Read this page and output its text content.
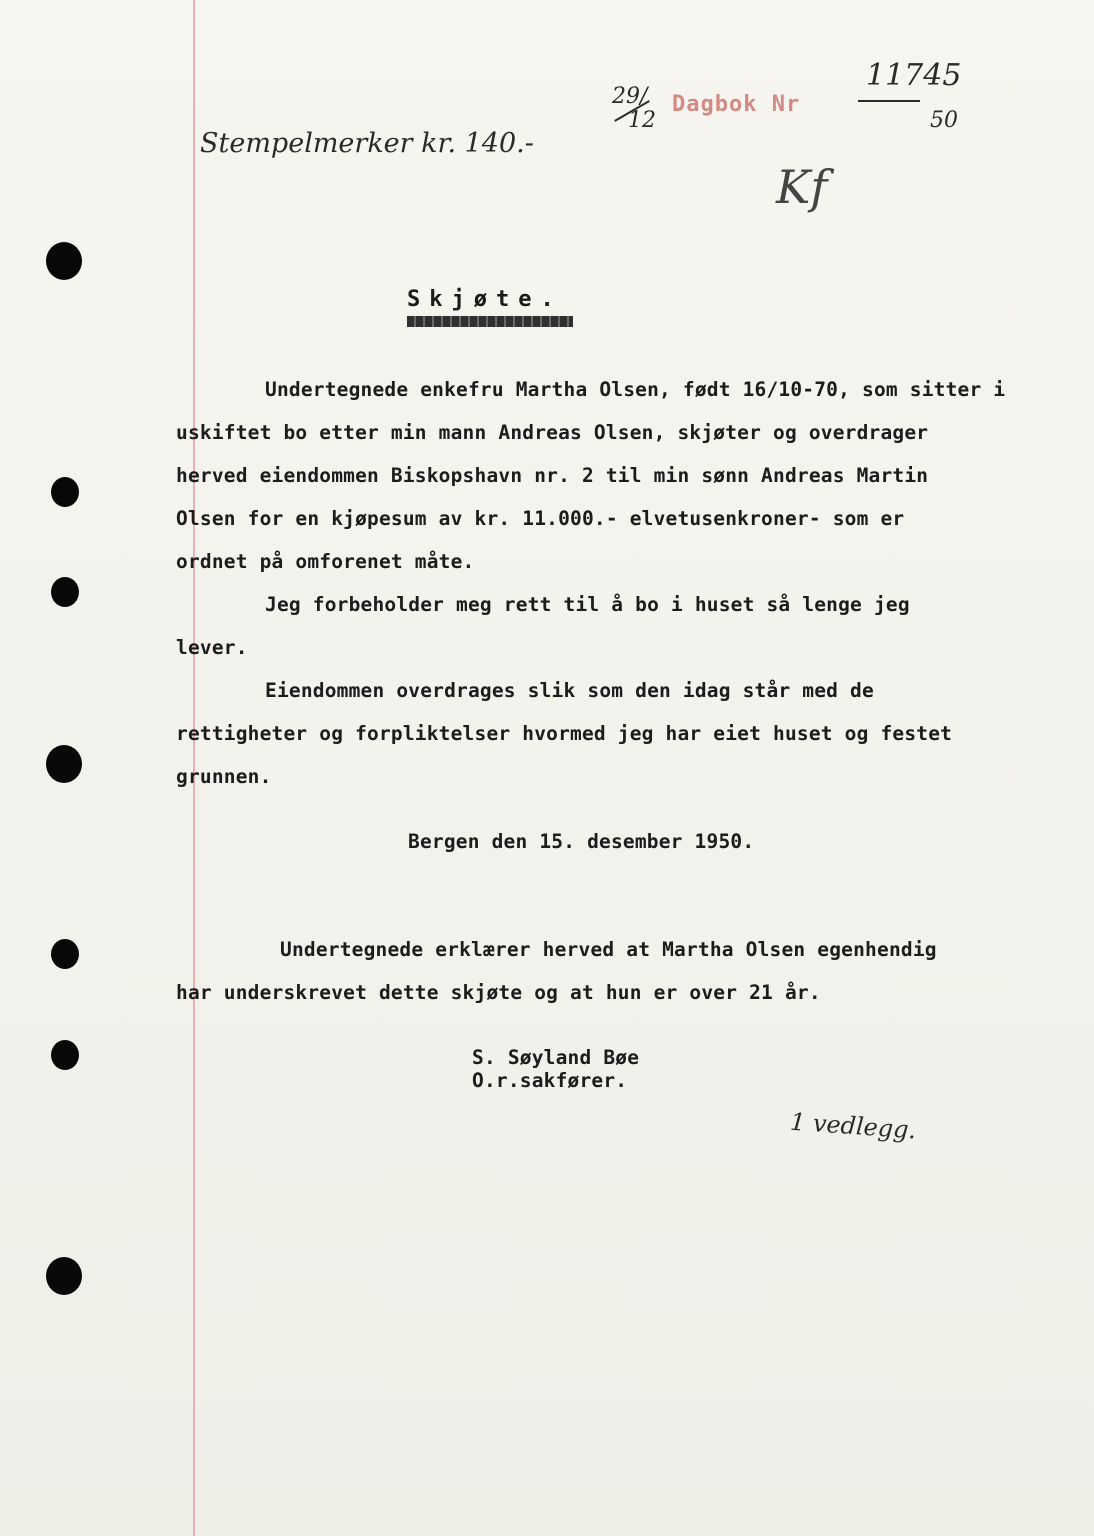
Stempelmerker kr. 140.-
29/
12
Dagbok Nr
11745
50
Kf
Skjøte.
Undertegnede enkefru Martha Olsen, født 16/10-70, som sitter i
uskiftet bo etter min mann Andreas Olsen, skjøter og overdrager
herved eiendommen Biskopshavn nr. 2 til min sønn Andreas Martin
Olsen for en kjøpesum av kr. 11.000.- elvetusenkroner- som er
ordnet på omforenet måte.
Jeg forbeholder meg rett til å bo i huset så lenge jeg
lever.
Eiendommen overdrages slik som den idag står med de
rettigheter og forpliktelser hvormed jeg har eiet huset og festet
grunnen.
Bergen den 15. desember 1950.
Undertegnede erklærer herved at Martha Olsen egenhendig
har underskrevet dette skjøte og at hun er over 21 år.
S. Søyland Bøe
O.r.sakfører.
1 vedlegg.
